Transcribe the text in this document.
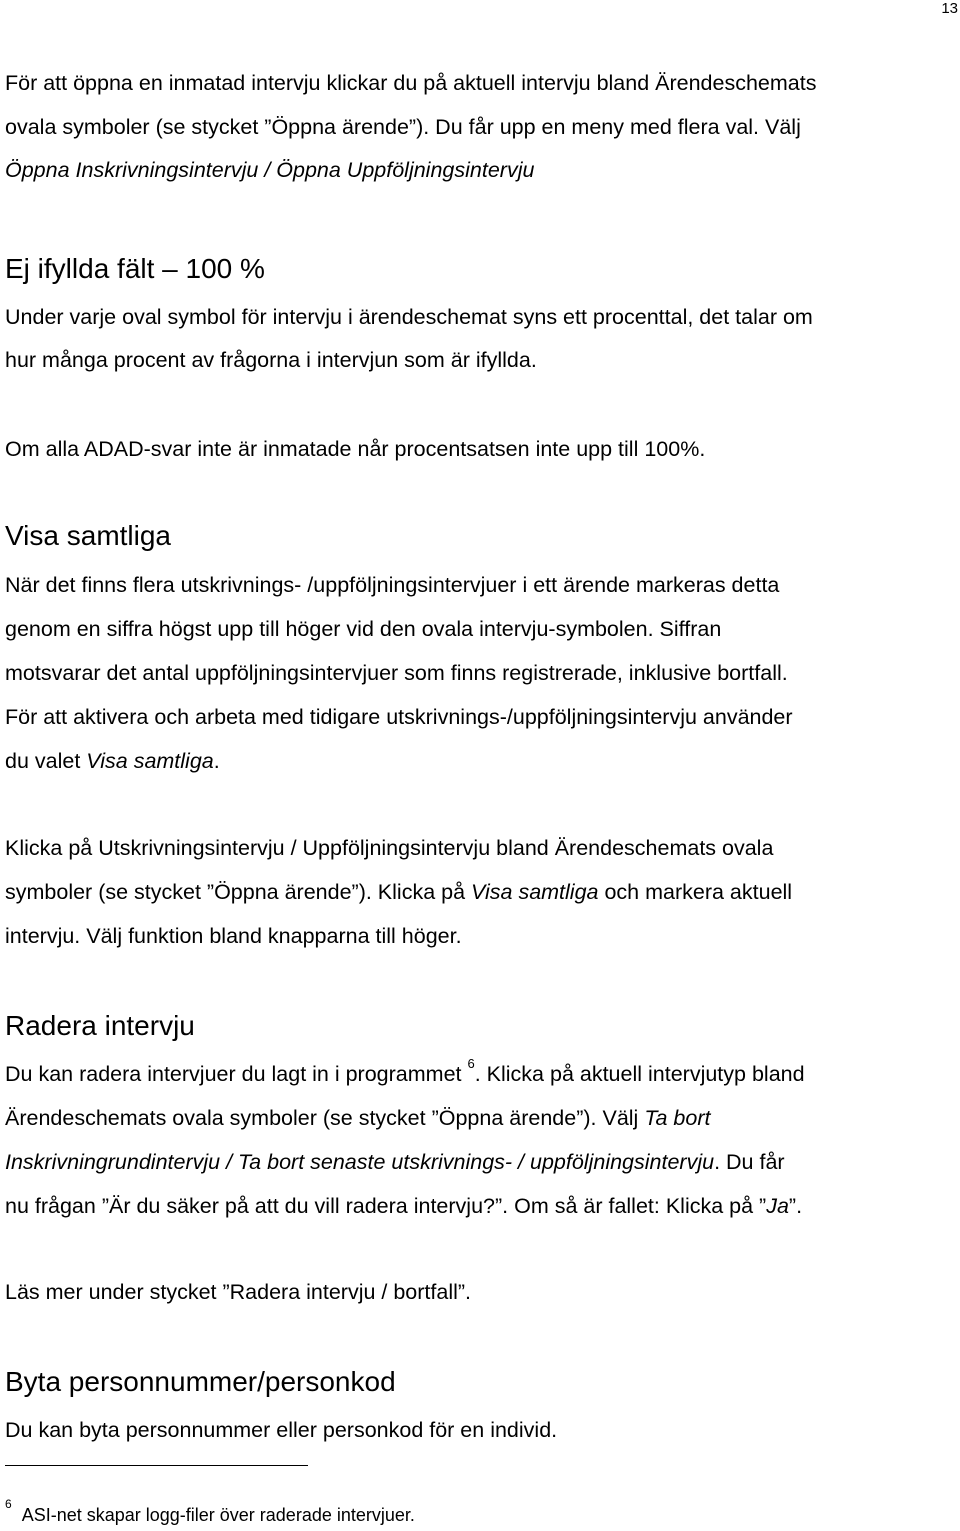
13
För att öppna en inmatad intervju klickar du på aktuell intervju bland Ärendeschemats
ovala symboler (se stycket ”Öppna ärende”). Du får upp en meny med flera val. Välj
Öppna Inskrivningsintervju / Öppna Uppföljningsintervju
Ej ifyllda fält – 100 %
Under varje oval symbol för intervju i ärendeschemat syns ett procenttal, det talar om
hur många procent av frågorna i intervjun som är ifyllda.
Om alla ADAD-svar inte är inmatade når procentsatsen inte upp till 100%.
Visa samtliga
När det finns flera utskrivnings- /uppföljningsintervjuer i ett ärende markeras detta
genom en siffra högst upp till höger vid den ovala intervju-symbolen. Siffran
motsvarar det antal uppföljningsintervjuer som finns registrerade, inklusive bortfall.
För att aktivera och arbeta med tidigare utskrivnings-/uppföljningsintervju använder
du valet Visa samtliga.
Klicka på Utskrivningsintervju / Uppföljningsintervju bland Ärendeschemats ovala
symboler (se stycket ”Öppna ärende”). Klicka på Visa samtliga och markera aktuell
intervju. Välj funktion bland knapparna till höger.
Radera intervju
Du kan radera intervjuer du lagt in i programmet $^6$. Klicka på aktuell intervjutyp bland
Ärendeschemats ovala symboler (se stycket ”Öppna ärende”). Välj Ta bort
Inskrivningrundintervju / Ta bort senaste utskrivnings- / uppföljningsintervju. Du får
nu frågan ”Är du säker på att du vill radera intervju?”. Om så är fallet: Klicka på ”Ja”.
Läs mer under stycket ”Radera intervju / bortfall”.
Byta personnummer/personkod
Du kan byta personnummer eller personkod för en individ.
$^6$ASI-net skapar logg-filer över raderade intervjuer.
